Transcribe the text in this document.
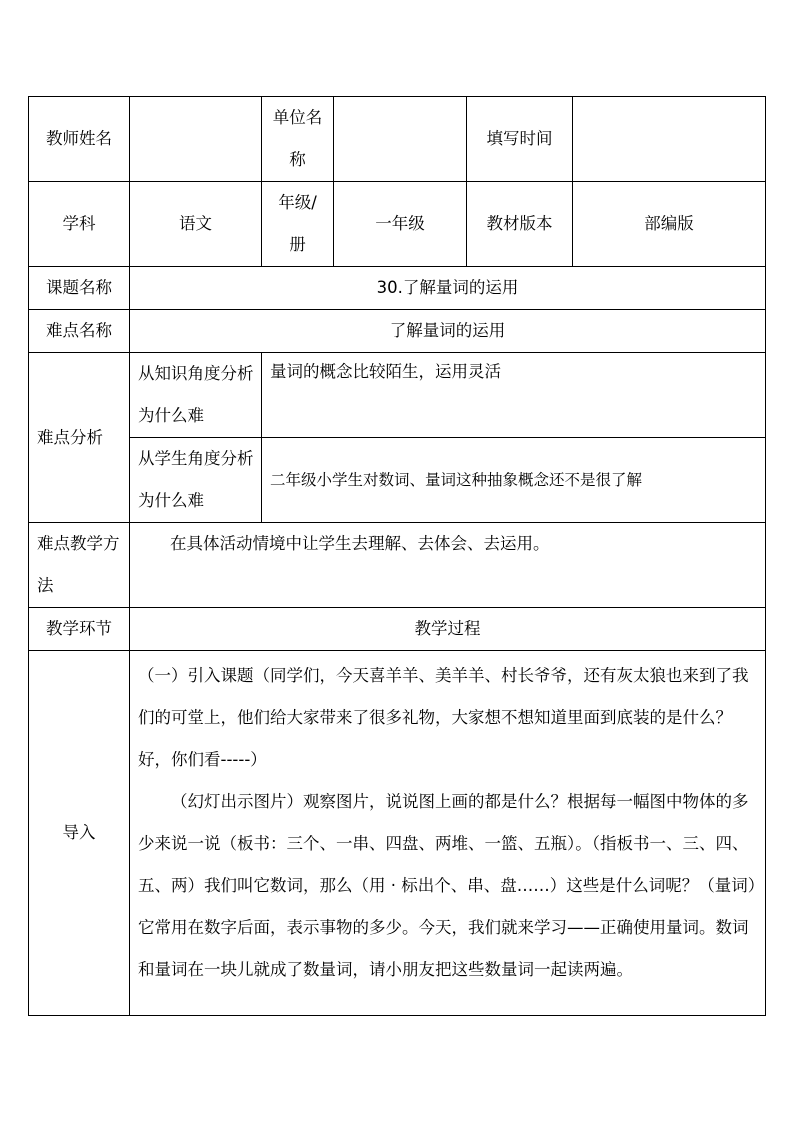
教师姓名		单位名称		填写时间	
学科	语文	年级/册	一年级	教材版本	部编版
课题名称	30.了解量词的运用				
难点名称	了解量词的运用				
难点分析	从知识角度分析为什么难	量词的概念比较陌生，运用灵活			
	从学生角度分析为什么难	二年级小学生对数词、量词这种抽象概念还不是很了解			
难点教学方法	在具体活动情境中让学生去理解、去体会、去运用。				
教学环节	教学过程				
导入	（一）引入课题（同学们，今天喜羊羊、美羊羊、村长爷爷，还有灰太狼也来到了我们的可堂上，他们给大家带来了很多礼物，大家想不想知道里面到底装的是什么？好，你们看-----）

（幻灯出示图片）观察图片，说说图上画的都是什么？根据每一幅图中物体的多少来说一说（板书：三个、一串、四盘、两堆、一篮、五瓶）。（指板书一、三、四、五、两）我们叫它数词，那么（用 · 标出个、串、盘……）这些是什么词呢？（量词）它常用在数字后面，表示事物的多少。今天，我们就来学习——正确使用量词。数词和量词在一块儿就成了数量词，请小朋友把这些数量词一起读两遍。				
